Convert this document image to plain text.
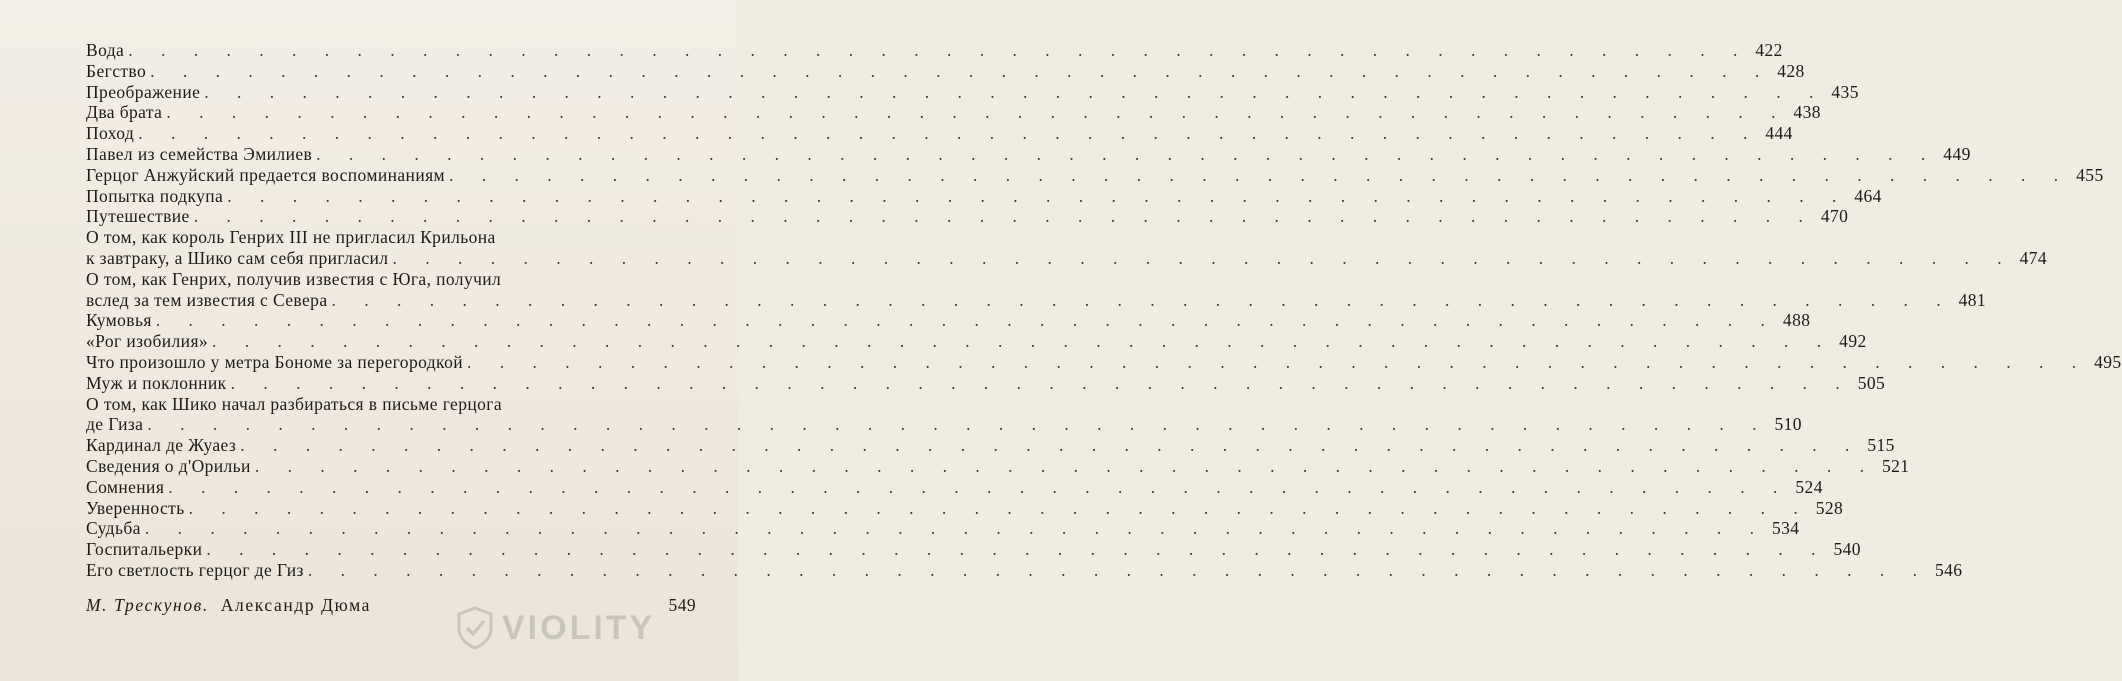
Вода . . . . . . . . . . . . . . . . . . . . . . . . . . . . . . . . . . . . . . . . . . . . . . . . . . 422
Бегство . . . . . . . . . . . . . . . . . . . . . . . . . . . . . . . . . . . . . . . . . . . . . . . . . . 428
Преображение . . . . . . . . . . . . . . . . . . . . . . . . . . . . . . . . . . . . . . . . . . . . . . . . . . 435
Два брата . . . . . . . . . . . . . . . . . . . . . . . . . . . . . . . . . . . . . . . . . . . . . . . . . . 438
Поход . . . . . . . . . . . . . . . . . . . . . . . . . . . . . . . . . . . . . . . . . . . . . . . . . . 444
Павел из семейства Эмилиев . . . . . . . . . . . . . . . . . . . . . . . . . . . . . . . . . . . . . . . . . . . . . . . . . . 449
Герцог Анжуйский предается воспоминаниям . . . . . . . . . . . . . . . . . . . . . . . . . . . . . . . . . . . . . . . . . . . . . . . . . . 455
Попытка подкупа . . . . . . . . . . . . . . . . . . . . . . . . . . . . . . . . . . . . . . . . . . . . . . . . . . 464
Путешествие . . . . . . . . . . . . . . . . . . . . . . . . . . . . . . . . . . . . . . . . . . . . . . . . . . 470
О том, как король Генрих III не пригласил Крильона
к завтраку, а Шико сам себя пригласил . . . . . . . . . . . . . . . . . . . . . . . . . . . . . . . . . . . . . . . . . . . . . . . . . . 474
О том, как Генрих, получив известия с Юга, получил
вслед за тем известия с Севера . . . . . . . . . . . . . . . . . . . . . . . . . . . . . . . . . . . . . . . . . . . . . . . . . . 481
Кумовья . . . . . . . . . . . . . . . . . . . . . . . . . . . . . . . . . . . . . . . . . . . . . . . . . . 488
«Рог изобилия» . . . . . . . . . . . . . . . . . . . . . . . . . . . . . . . . . . . . . . . . . . . . . . . . . . 492
Что произошло у метра Бономе за перегородкой . . . . . . . . . . . . . . . . . . . . . . . . . . . . . . . . . . . . . . . . . . . . . . . . . . 495
Муж и поклонник . . . . . . . . . . . . . . . . . . . . . . . . . . . . . . . . . . . . . . . . . . . . . . . . . . 505
О том, как Шико начал разбираться в письме герцога
де Гиза . . . . . . . . . . . . . . . . . . . . . . . . . . . . . . . . . . . . . . . . . . . . . . . . . . 510
Кардинал де Жуаез . . . . . . . . . . . . . . . . . . . . . . . . . . . . . . . . . . . . . . . . . . . . . . . . . . 515
Сведения о д'Орильи . . . . . . . . . . . . . . . . . . . . . . . . . . . . . . . . . . . . . . . . . . . . . . . . . . 521
Сомнения . . . . . . . . . . . . . . . . . . . . . . . . . . . . . . . . . . . . . . . . . . . . . . . . . . 524
Уверенность . . . . . . . . . . . . . . . . . . . . . . . . . . . . . . . . . . . . . . . . . . . . . . . . . . 528
Судьба . . . . . . . . . . . . . . . . . . . . . . . . . . . . . . . . . . . . . . . . . . . . . . . . . . 534
Госпитальерки . . . . . . . . . . . . . . . . . . . . . . . . . . . . . . . . . . . . . . . . . . . . . . . . . . 540
Его светлость герцог де Гиз . . . . . . . . . . . . . . . . . . . . . . . . . . . . . . . . . . . . . . . . . . . . . . . . . . 546
М. Трескунов. Александр Дюма	549
VIOLITY
